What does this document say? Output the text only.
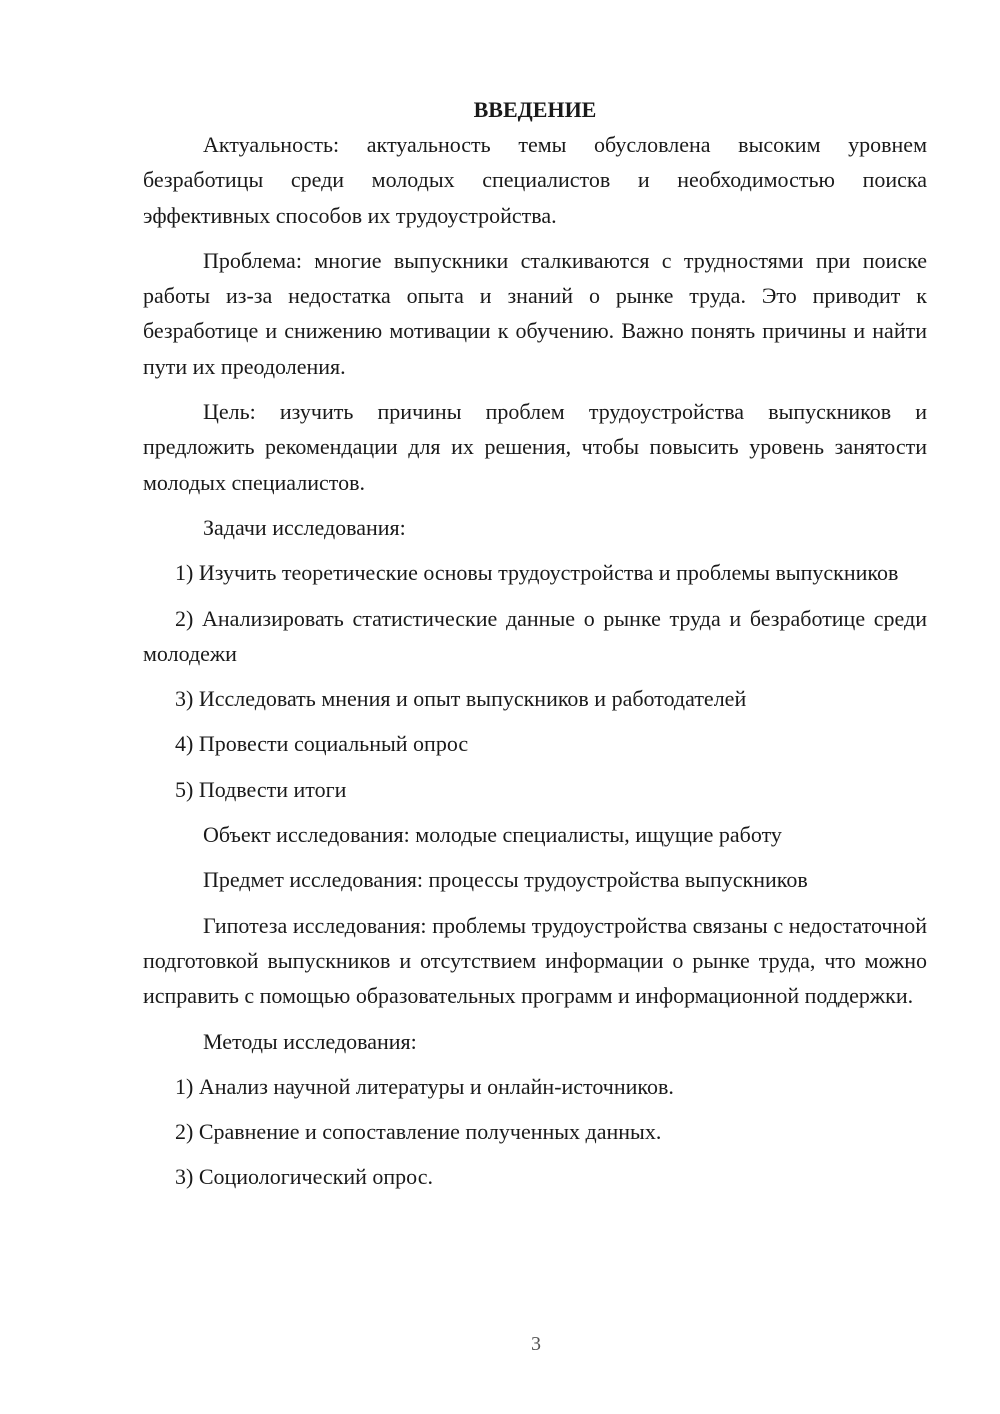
ВВЕДЕНИЕ

Актуальность: актуальность темы обусловлена высоким уровнем безработицы среди молодых специалистов и необходимостью поиска эффективных способов их трудоустройства.

Проблема: многие выпускники сталкиваются с трудностями при поиске работы из-за недостатка опыта и знаний о рынке труда. Это приводит к безработице и снижению мотивации к обучению. Важно понять причины и найти пути их преодоления.

Цель: изучить причины проблем трудоустройства выпускников и предложить рекомендации для их решения, чтобы повысить уровень занятости молодых специалистов.

Задачи исследования:

1) Изучить теоретические основы трудоустройства и проблемы выпускников

2) Анализировать статистические данные о рынке труда и безработице среди молодежи

3) Исследовать мнения и опыт выпускников и работодателей

4) Провести социальный опрос

5) Подвести итоги

Объект исследования: молодые специалисты, ищущие работу

Предмет исследования: процессы трудоустройства выпускников

Гипотеза исследования: проблемы трудоустройства связаны с недостаточной подготовкой выпускников и отсутствием информации о рынке труда, что можно исправить с помощью образовательных программ и информационной поддержки.

Методы исследования:

1) Анализ научной литературы и онлайн-источников.

2) Сравнение и сопоставление полученных данных.

3) Социологический опрос.

3
